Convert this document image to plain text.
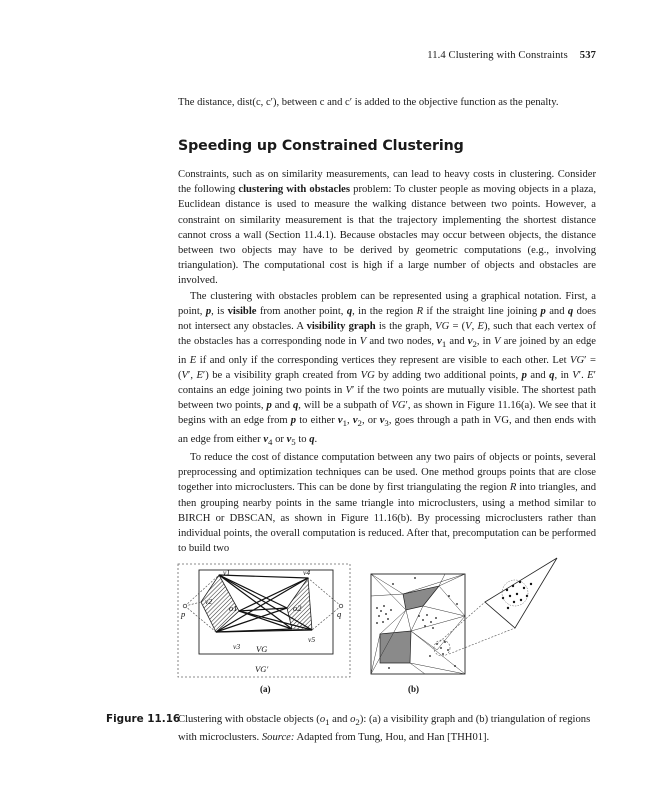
11.4 Clustering with Constraints 537
The distance, dist(c, c′), between c and c′ is added to the objective function as the penalty.
Speeding up Constrained Clustering

Constraints, such as on similarity measurements, can lead to heavy costs in clustering. Consider the following clustering with obstacles problem: To cluster people as moving objects in a plaza, Euclidean distance is used to measure the walking distance between two points. However, a constraint on similarity measurement is that the trajectory implementing the shortest distance cannot cross a wall (Section 11.4.1). Because obstacles may occur between objects, the distance between two objects may have to be derived by geometric computations (e.g., involving triangulation). The computational cost is high if a large number of objects and obstacles are involved.

The clustering with obstacles problem can be represented using a graphical notation. First, a point, p, is visible from another point, q, in the region R if the straight line joining p and q does not intersect any obstacles. A visibility graph is the graph, VG = (V, E), such that each vertex of the obstacles has a corresponding node in V and two nodes, $v_1$ and $v_2$, in V are joined by an edge in E if and only if the corresponding vertices they represent are visible to each other. Let VG′ = (V′, E′) be a visibility graph created from VG by adding two additional points, p and q, in V′. E′ contains an edge joining two points in V′ if the two points are mutually visible. The shortest path between two points, p and q, will be a subpath of VG′, as shown in Figure 11.16(a). We see that it begins with an edge from p to either $v_1$, $v_2$, or $v_3$, goes through a path in VG, and then ends with an edge from either $v_4$ or $v_5$ to q.

To reduce the cost of distance computation between any two pairs of objects or points, several preprocessing and optimization techniques can be used. One method groups points that are close together into microclusters. This can be done by first triangulating the region R into triangles, and then grouping nearby points in the same triangle into microclusters, using a method similar to BIRCH or DBSCAN, as shown in Figure 11.16(b). By processing microclusters rather than individual points, the overall computation is reduced. After that, precomputation can be performed to build two

v1
v2
v3
v4
v5
o1	o2
p	q
VG
VG′
(a)	(b)
Figure 11.16
Clustering with obstacle objects ($o_1$ and $o_2$): (a) a visibility graph and (b) triangulation of regions with microclusters. Source: Adapted from Tung, Hou, and Han [THH01].
